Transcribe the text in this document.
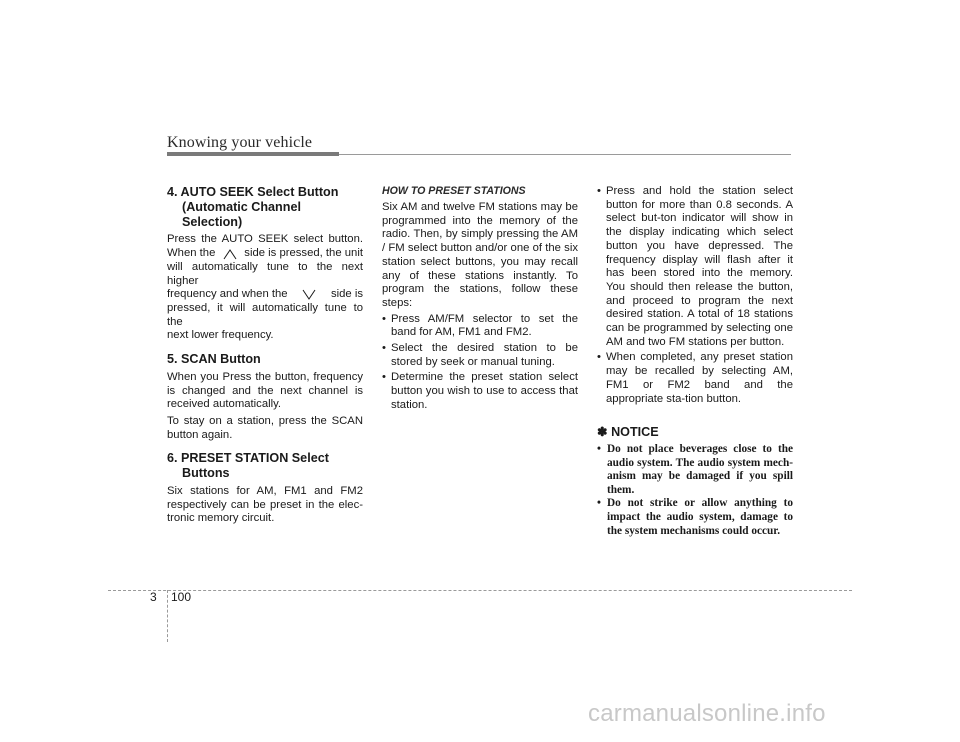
Knowing your vehicle
4. AUTO SEEK Select Button
(Automatic Channel Selection)
Press the AUTO SEEK select button.
When the	side is pressed, the unit
will automatically tune to the next higher
frequency and when the	side is
pressed, it will automatically tune to the
next lower frequency.
5. SCAN Button

When you Press the button, frequency is changed and the next channel is received automatically.

To stay on a station, press the SCAN button again.

6. PRESET STATION Select
Buttons

Six stations for AM, FM1 and FM2 respectively can be preset in the elec-tronic memory circuit.

HOW TO PRESET STATIONS

Six AM and twelve FM stations may be programmed into the memory of the radio. Then, by simply pressing the AM / FM select button and/or one of the six station select buttons, you may recall any of these stations instantly. To program the stations, follow these steps:

• Press AM/FM selector to set the band for AM, FM1 and FM2.
• Select the desired station to be stored by seek or manual tuning.
• Determine the preset station select button you wish to use to access that station.
• Press and hold the station select button for more than 0.8 seconds. A select but-ton indicator will show in the display indicating which select button you have depressed. The frequency display will flash after it has been stored into the memory. You should then release the button, and proceed to program the next desired station. A total of 18 stations can be programmed by selecting one AM and two FM stations per button.
• When completed, any preset station may be recalled by selecting AM, FM1 or FM2 band and the appropriate sta-tion button.
✽ NOTICE
• Do not place beverages close to the audio system. The audio system mech-anism may be damaged if you spill them.
• Do not strike or allow anything to impact the audio system, damage to the system mechanisms could occur.
3 100
carmanualsonline.info
